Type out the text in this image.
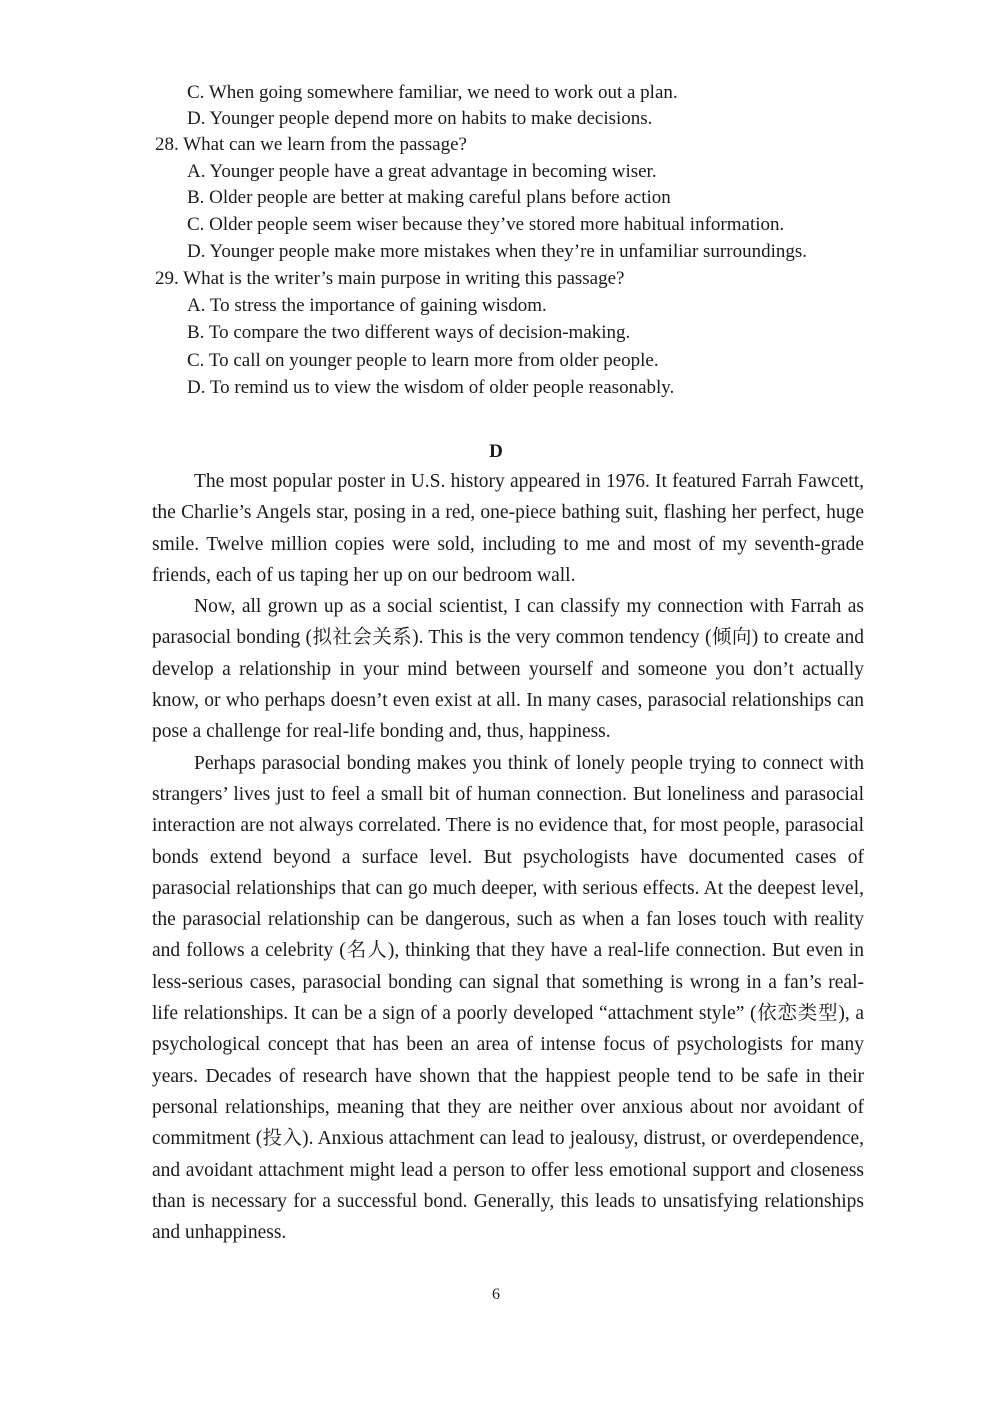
C. When going somewhere familiar, we need to work out a plan.
D. Younger people depend more on habits to make decisions.
28. What can we learn from the passage?
A. Younger people have a great advantage in becoming wiser.
B. Older people are better at making careful plans before action
C. Older people seem wiser because they’ve stored more habitual information.
D. Younger people make more mistakes when they’re in unfamiliar surroundings.
29. What is the writer’s main purpose in writing this passage?
A. To stress the importance of gaining wisdom.
B. To compare the two different ways of decision-making.
C. To call on younger people to learn more from older people.
D. To remind us to view the wisdom of older people reasonably.
D

The most popular poster in U.S. history appeared in 1976. It featured Farrah Fawcett, the Charlie’s Angels star, posing in a red, one-piece bathing suit, flashing her perfect, huge smile. Twelve million copies were sold, including to me and most of my seventh-grade friends, each of us taping her up on our bedroom wall.

Now, all grown up as a social scientist, I can classify my connection with Farrah as parasocial bonding (拟社会关系). This is the very common tendency (倾向) to create and develop a relationship in your mind between yourself and someone you don’t actually know, or who perhaps doesn’t even exist at all. In many cases, parasocial relationships can pose a challenge for real-life bonding and, thus, happiness.

Perhaps parasocial bonding makes you think of lonely people trying to connect with strangers’ lives just to feel a small bit of human connection. But loneliness and parasocial interaction are not always correlated. There is no evidence that, for most people, parasocial bonds extend beyond a surface level. But psychologists have documented cases of parasocial relationships that can go much deeper, with serious effects. At the deepest level, the parasocial relationship can be dangerous, such as when a fan loses touch with reality and follows a celebrity (名人), thinking that they have a real-life connection. But even in less-serious cases, parasocial bonding can signal that something is wrong in a fan’s real-life relationships. It can be a sign of a poorly developed “attachment style” (依恋类型), a psychological concept that has been an area of intense focus of psychologists for many years. Decades of research have shown that the happiest people tend to be safe in their personal relationships, meaning that they are neither over anxious about nor avoidant of commitment (投入). Anxious attachment can lead to jealousy, distrust, or overdependence, and avoidant attachment might lead a person to offer less emotional support and closeness than is necessary for a successful bond. Generally, this leads to unsatisfying relationships and unhappiness.

6
